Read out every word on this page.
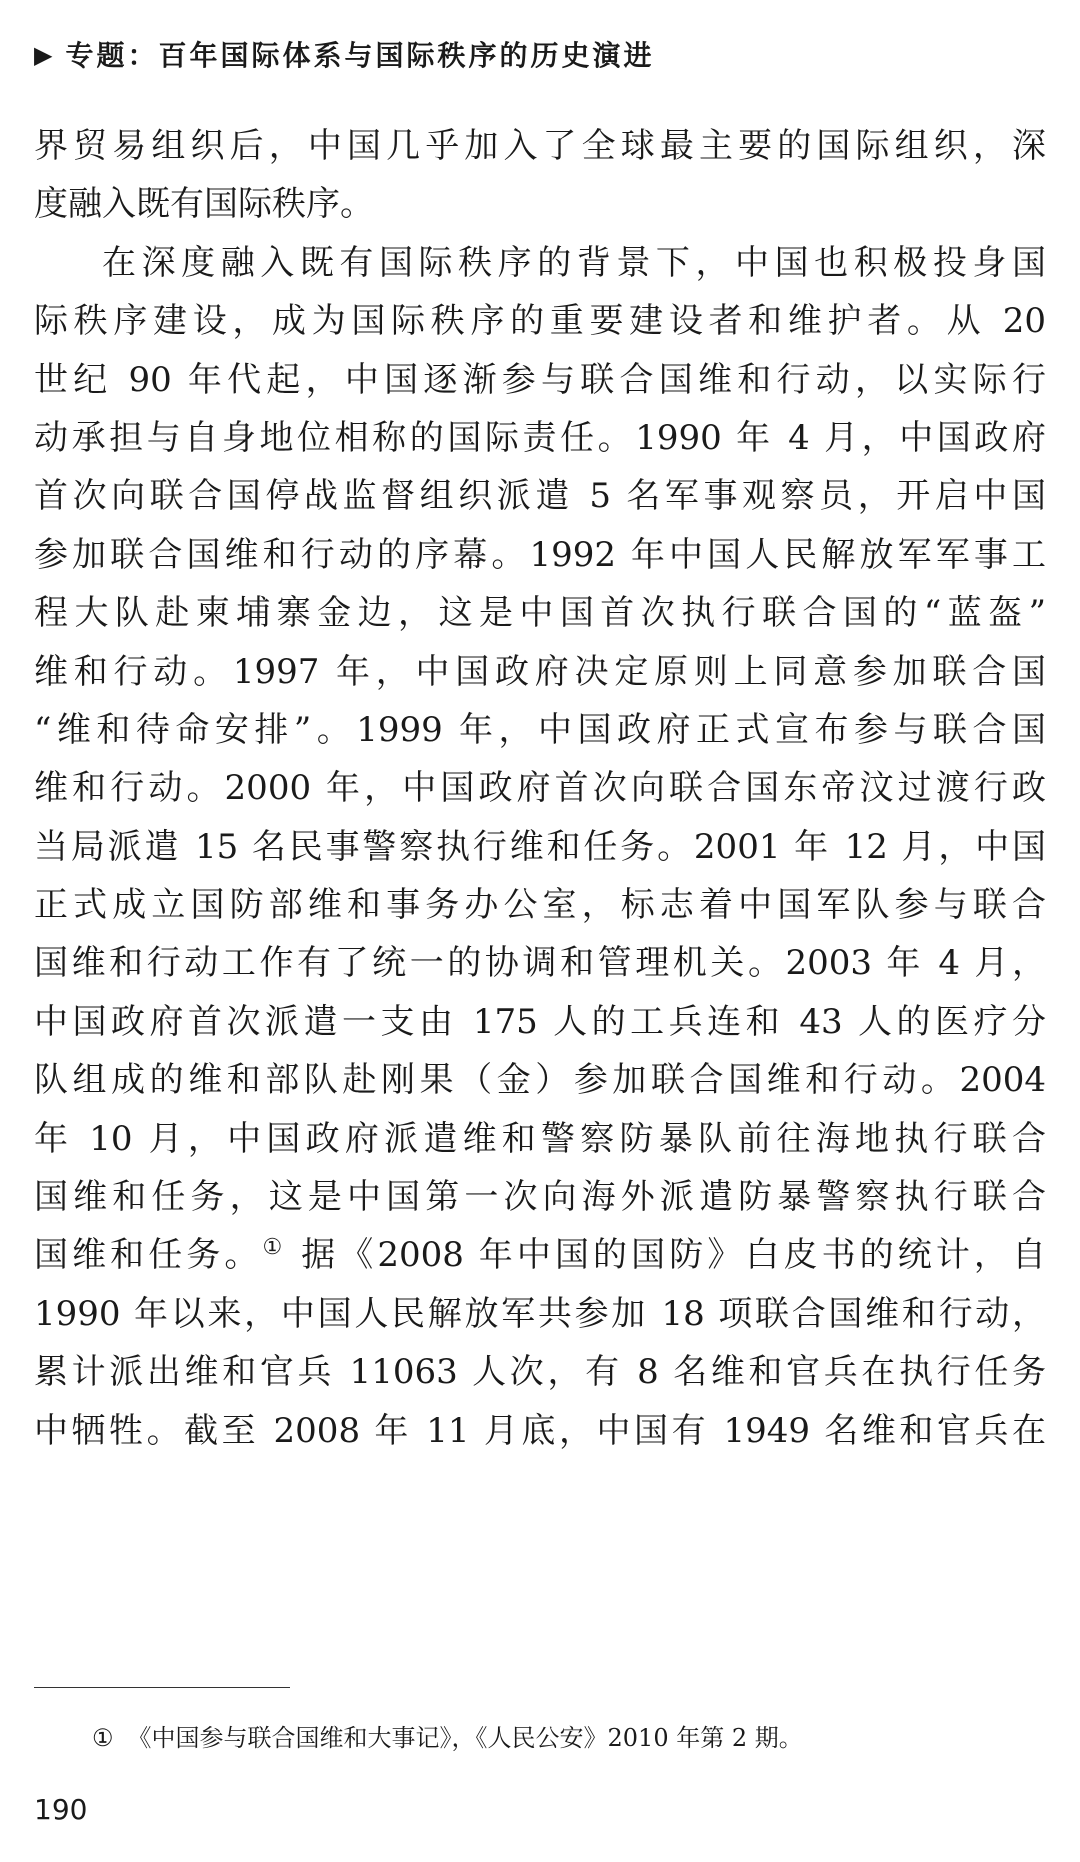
▶ 专题：百年国际体系与国际秩序的历史演进
界贸易组织后，中国几乎加入了全球最主要的国际组织，深
度融入既有国际秩序。
在深度融入既有国际秩序的背景下，中国也积极投身国
际秩序建设，成为国际秩序的重要建设者和维护者。从 20
世纪 90 年代起，中国逐渐参与联合国维和行动，以实际行
动承担与自身地位相称的国际责任。1990 年 4 月，中国政府
首次向联合国停战监督组织派遣 5 名军事观察员，开启中国
参加联合国维和行动的序幕。1992 年中国人民解放军军事工
程大队赴柬埔寨金边，这是中国首次执行联合国的“蓝盔”
维和行动。1997 年，中国政府决定原则上同意参加联合国
“维和待命安排”。1999 年，中国政府正式宣布参与联合国
维和行动。2000 年，中国政府首次向联合国东帝汶过渡行政
当局派遣 15 名民事警察执行维和任务。2001 年 12 月，中国
正式成立国防部维和事务办公室，标志着中国军队参与联合
国维和行动工作有了统一的协调和管理机关。2003 年 4 月，
中国政府首次派遣一支由 175 人的工兵连和 43 人的医疗分
队组成的维和部队赴刚果（金）参加联合国维和行动。2004
年 10 月，中国政府派遣维和警察防暴队前往海地执行联合
国维和任务，这是中国第一次向海外派遣防暴警察执行联合
国维和任务。① 据《2008 年中国的国防》白皮书的统计，自
1990 年以来，中国人民解放军共参加 18 项联合国维和行动，
累计派出维和官兵 11063 人次，有 8 名维和官兵在执行任务
中牺牲。截至 2008 年 11 月底，中国有 1949 名维和官兵在
① 《中国参与联合国维和大事记》，《人民公安》2010 年第 2 期。
190
